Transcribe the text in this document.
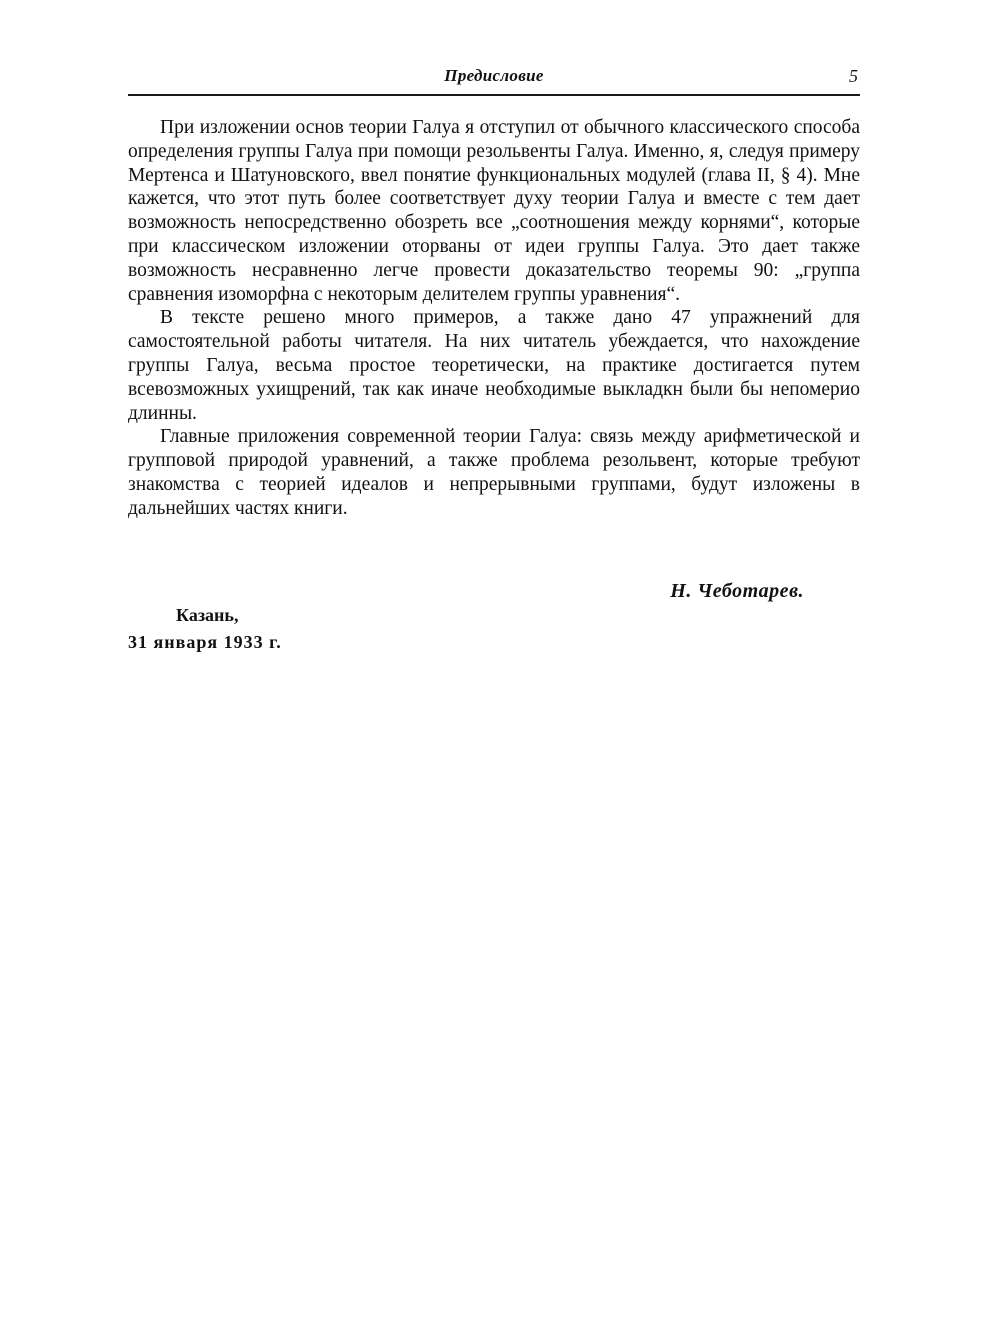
Предисловие	5

При изложении основ теории Галуа я отступил от обычного классического способа определения группы Галуа при помощи резольвенты Галуа. Именно, я, следуя примеру Мертенса и Шатуновского, ввел понятие функциональных модулей (глава II, § 4). Мне кажется, что этот путь более соответствует духу теории Галуа и вместе с тем дает возможность непосредственно обозреть все „соотношения между корнями“, которые при классическом изложении оторваны от идеи группы Галуа. Это дает также возможность несравненно легче провести доказательство теоремы 90: „группа сравнения изоморфна с некоторым делителем группы уравнения“.

В тексте решено много примеров, а также дано 47 упражнений для самостоятельной работы читателя. На них читатель убеждается, что нахождение группы Галуа, весьма простое теоретически, на практике достигается путем всевозможных ухищрений, так как иначе необходимые выкладкн были бы непомерио длинны.

Главные приложения современной теории Галуа: связь между арифметической и групповой природой уравнений, а также проблема резольвент, которые требуют знакомства с теорией идеалов и непрерывными группами, будут изложены в дальнейших частях книги.

Н. Чеботарев.
Казань,
31 января 1933 г.
